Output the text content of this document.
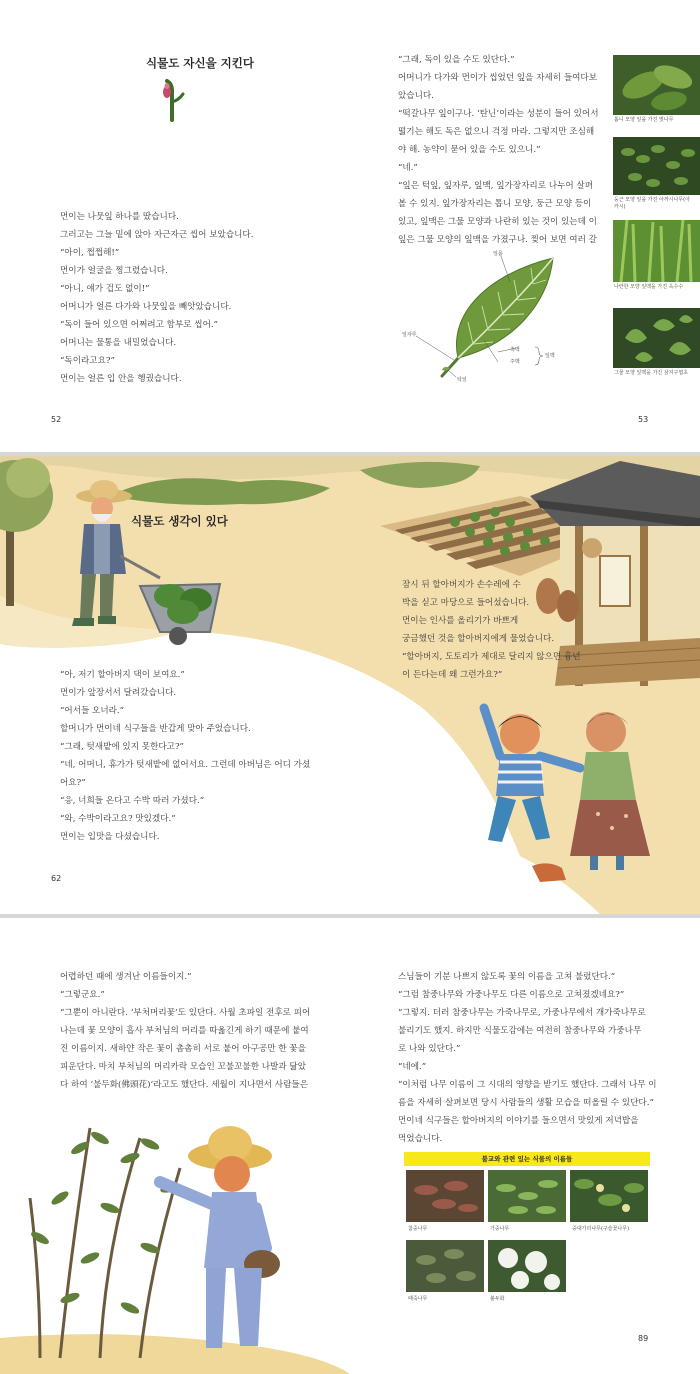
식물도 자신을 지킨다

먼이는 나뭇잎 하나를 땄습니다.

그러고는 그늘 밑에 앉아 자근자근 씹어 보았습니다.

“아이, 쩝쩝해!”

먼이가 얼굴을 찡그렸습니다.

“아니, 얘가 겁도 없이!”

어머니가 얼른 다가와 나뭇잎을 빼앗았습니다.

“독이 들어 있으면 어쩌려고 함부로 씹어.”

어머니는 물통을 내밀었습니다.

“독이라고요?”

먼이는 얼른 입 안을 헹궜습니다.

52

“그래, 독이 있을 수도 있단다.”

어머니가 다가와 먼이가 씹었던 잎을 자세히 들여다보

았습니다.

“떡갈나무 잎이구나. ‘탄닌’이라는 성분이 들어 있어서

떫기는 해도 독은 없으니 걱정 마라. 그렇지만 조심해

야 해. 농약이 묻어 있을 수도 있으니.”

“네.”

“잎은 턱잎, 잎자루, 잎맥, 잎가장자리로 나누어 살펴

볼 수 있지. 잎가장자리는 톱니 모양, 둥근 모양 등이

있고, 잎맥은 그물 모양과 나란히 있는 것이 있는데 이

잎은 그물 모양의 잎맥을 가졌구나. 찢어 보면 여러 갈

잎몸
잎자루
턱잎
측맥
주맥
잎맥
톱니 모양 잎을 가진 벚나무
둥근 모양 잎을 가진 아까시나무(아카시)
나란한 모양 잎맥을 가진 옥수수
그물 모양 잎맥을 가진 삼지구엽초
53
식물도 생각이 있다

잠시 뒤 할아버지가 손수레에 수

박을 싣고 마당으로 들어섰습니다.

먼이는 인사를 올리기가 바쁘게

궁금했던 것을 할아버지에게 물었습니다.

“할아버지, 도토리가 제대로 달리지 않으면 흉년

이 든다는데 왜 그런가요?”

“아, 저기 할아버지 댁이 보여요.”

먼이가 앞장서서 달려갔습니다.

“어서들 오너라.”

할머니가 먼이네 식구들을 반갑게 맞아 주었습니다.

“그래, 텃새밭에 있지 못한다고?”

“네, 어머니, 휴가가 텃새밭에 없어서요. 그런데 아버님은 어디 가셨

어요?”

“응, 너희들 온다고 수박 따러 가셨다.”

“와, 수박이라고요? 맛있겠다.”

먼이는 입맛을 다셨습니다.

62

어렵하던 때에 생겨난 이름들이지.”

“그렇군요.”

“그뿐이 아니란다. ‘부처머리꽃’도 있단다. 사월 초파일 전후로 피어

나는데 꽃 모양이 흡사 부처님의 머리를 따옮긴게 하기 때문에 붙여

진 이름이지. 새하얀 작은 꽃이 촘촘히 서로 붙어 아구공만 한 꽃을

피운단다. 마치 부처님의 머리카락 모습인 꼬불꼬불한 나발과 닮았

다 하여 ‘불두화(佛頭花)’라고도 했단다. 세월이 지나면서 사람들은

스님들이 기분 나쁘지 않도록 꽃의 이름을 고쳐 불렀단다.”

“그럼 참중나무와 가중나무도 다른 이름으로 고쳐졌겠네요?”

“그렇지. 더러 참중나무는 가죽나무로, 가중나무에서 개가죽나무로

불리기도 했지. 하지만 식물도감에는 여전히 참중나무와 가중나무

로 나와 있단다.”

“네에.”

“이처럼 나무 이름이 그 시대의 영향을 받기도 했단다. 그래서 나무 이

름을 자세히 살펴보면 당시 사람들의 생활 모습을 떠올릴 수 있단다.”

먼이네 식구들은 할아버지의 이야기를 들으면서 맛있게 저녁밥을

먹었습니다.

불교와 관련 있는 식물의 이름들
참중나무	가중나무	중대가리나무(구슬꽃나무)
때죽나무	불두화
89
